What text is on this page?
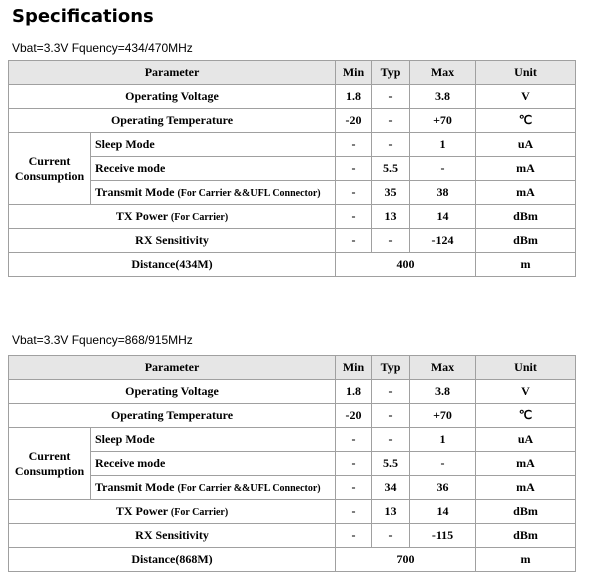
Specifications
Vbat=3.3V Fquency=434/470MHz
Parameter		Min	Typ	Max	Unit
Operating Voltage		1.8	-	3.8	V
Operating Temperature		-20	-	+70	℃

Current
Consumption	Sleep Mode	-	-	1	uA
	Receive mode	-	5.5	-	mA
	Transmit Mode (For Carrier &&UFL Connector)	-	35	38	mA
TX Power (For Carrier)		-	13	14	dBm
RX Sensitivity		-	-	-124	dBm
Distance(434M)		400			m
Vbat=3.3V Fquency=868/915MHz
Parameter		Min	Typ	Max	Unit
Operating Voltage		1.8	-	3.8	V
Operating Temperature		-20	-	+70	℃

Current
Consumption	Sleep Mode	-	-	1	uA
	Receive mode	-	5.5	-	mA
	Transmit Mode (For Carrier &&UFL Connector)	-	34	36	mA
TX Power (For Carrier)		-	13	14	dBm
RX Sensitivity		-	-	-115	dBm
Distance(868M)		700			m
